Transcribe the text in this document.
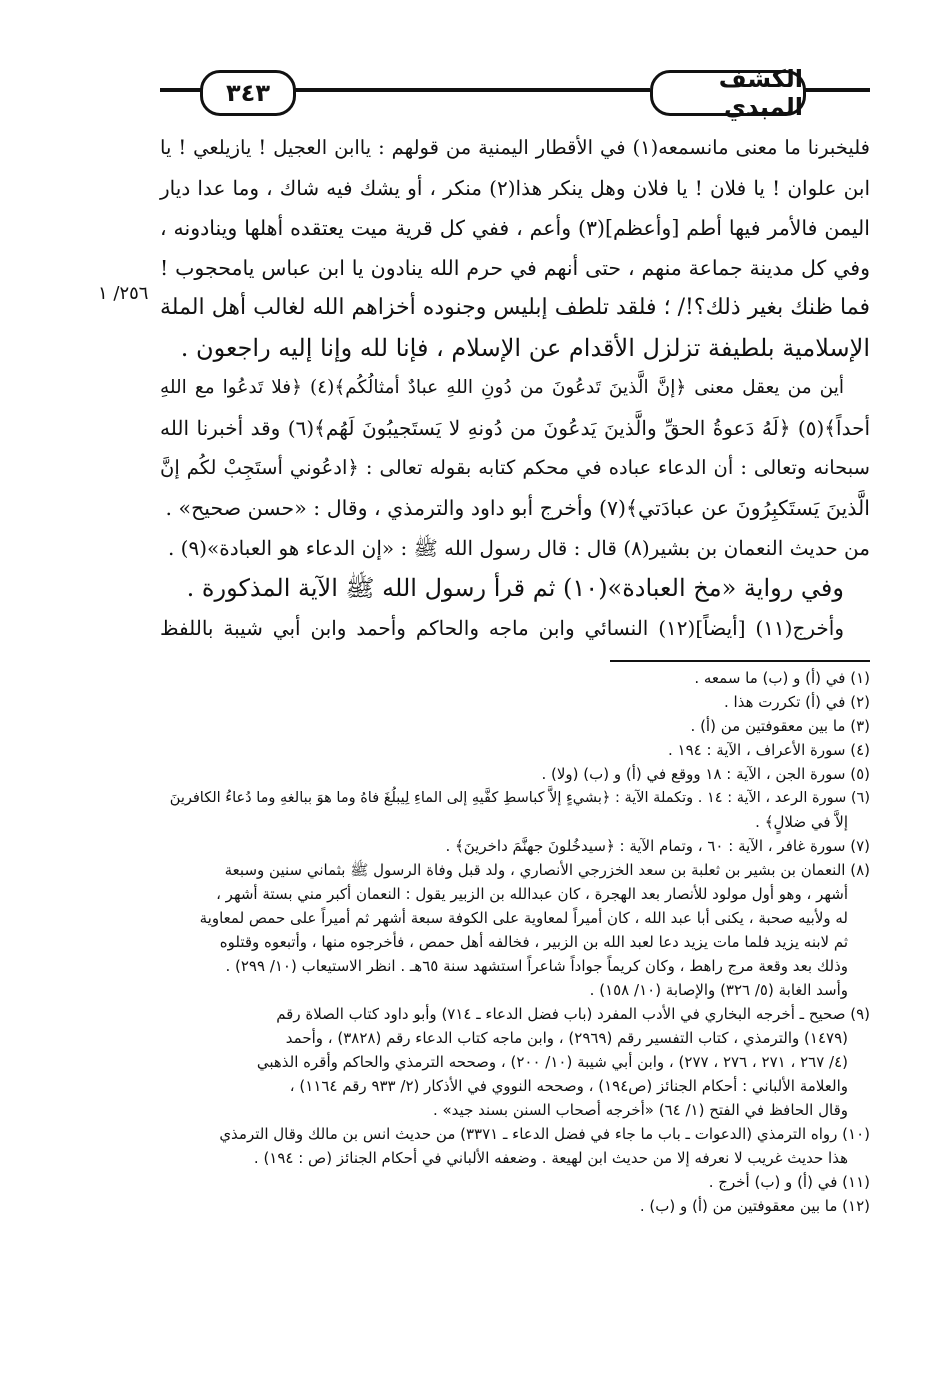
٣٤٣	الكشف المبدي
٢٥٦/ ١
فليخبرنا ما معنى مانسمعه(١) في الأقطار اليمنية من قولهم : ياابن العجيل ! يازيلعي ! يا
ابن علوان ! يا فلان ! يا فلان وهل ينكر هذا(٢) منكر ، أو يشك فيه شاك ، وما عدا ديار
اليمن فالأمر فيها أطم [وأعظم](٣) وأعم ، ففي كل قرية ميت يعتقده أهلها وينادونه ،
وفي كل مدينة جماعة منهم ، حتى أنهم في حرم الله ينادون يا ابن عباس يامحجوب !
فما ظنك بغير ذلك؟!/ ؛ فلقد تلطف إبليس وجنوده أخزاهم الله لغالب أهل الملة
الإسلامية بلطيفة تزلزل الأقدام عن الإسلام ، فإنا لله وإنا إليه راجعون .
أين من يعقل معنى ﴿إنَّ الَّذينَ تَدعُونَ من دُونِ اللهِ عبادٌ أمثالُكُم﴾(٤) ﴿فلا تَدعُوا مع اللهِ
أحداً﴾(٥) ﴿لَهُ دَعوةُ الحقِّ والَّذينَ يَدعُونَ من دُونهِ لا يَستَجيبُونَ لَهُم﴾(٦) وقد أخبرنا الله
سبحانه وتعالى : أن الدعاء عباده في محكم كتابه بقوله تعالى : ﴿ادعُوني أستَجِبْ لكُم إنَّ
الَّذينَ يَستَكبِرُونَ عن عبادَتي﴾(٧) وأخرج أبو داود والترمذي ، وقال : «حسن صحيح» .
من حديث النعمان بن بشير(٨) قال : قال رسول الله ﷺ : «إن الدعاء هو العبادة»(٩) .
وفي رواية «مخ العبادة»(١٠) ثم قرأ رسول الله ﷺ الآية المذكورة .
وأخرج(١١) [أيضاً](١٢) النسائي وابن ماجه والحاكم وأحمد وابن أبي شيبة باللفظ
(١) في (أ) و (ب) ما سمعه .
(٢) في (أ) تكررت هذا .
(٣) ما بين معقوفتين من (أ) .
(٤) سورة الأعراف ، الآية : ١٩٤ .
(٥) سورة الجن ، الآية : ١٨ ووقع في (أ) و (ب) (ولا) .
(٦) سورة الرعد ، الآية : ١٤ . وتكملة الآية : ﴿بشيءٍ إلاَّ كباسطِ كفَّيهِ إلى الماءِ لِيبلُغَ فاهُ وما هوَ ببالغهِ وما دُعاءُ الكافرينَ
إلاَّ في ضلالٍ﴾ .
(٧) سورة غافر ، الآية : ٦٠ ، وتمام الآية : ﴿سيدخُلونَ جهنَّمَ داخرينَ﴾ .
(٨) النعمان بن بشير بن ثعلبة بن سعد الخزرجي الأنصاري ، ولد قبل وفاة الرسول ﷺ بثماني سنين وسبعة
أشهر ، وهو أول مولود للأنصار بعد الهجرة ، كان عبدالله بن الزبير يقول : النعمان أكبر مني بستة أشهر ،
له ولأبيه صحبة ، يكنى أبا عبد الله ، كان أميراً لمعاوية على الكوفة سبعة أشهر ثم أميراً على حمص لمعاوية
ثم لابنه يزيد فلما مات يزيد دعا لعبد الله بن الزبير ، فخالفه أهل حمص ، فأخرجوه منها ، وأتبعوه وقتلوه
وذلك بعد وقعة مرج راهط ، وكان كريماً جواداً شاعراً استشهد سنة ٦٥هـ . انظر الاستيعاب (١٠/ ٢٩٩) .
وأسد الغابة (٥/ ٣٢٦) والإصابة (١٠/ ١٥٨) .
(٩) صحيح ـ أخرجه البخاري في الأدب المفرد (باب فضل الدعاء ـ ٧١٤) وأبو داود كتاب الصلاة رقم
(١٤٧٩) والترمذي ، كتاب التفسير رقم (٢٩٦٩) ، وابن ماجه كتاب الدعاء رقم (٣٨٢٨) ، وأحمد
(٤/ ٢٦٧ ، ٢٧١ ، ٢٧٦ ، ٢٧٧) ، وابن أبي شيبة (١٠/ ٢٠٠) ، وصححه الترمذي والحاكم وأقره الذهبي
والعلامة الألباني : أحكام الجنائز (ص١٩٤) ، وصححه النووي في الأذكار (٢/ ٩٣٣ رقم ١١٦٤) ،
وقال الحافظ في الفتح (١/ ٦٤) «أخرجه أصحاب السنن بسند جيد» .
(١٠) رواه الترمذي (الدعوات ـ باب ما جاء في فضل الدعاء ـ ٣٣٧١) من حديث انس بن مالك وقال الترمذي
هذا حديث غريب لا نعرفه إلا من حديث ابن لهيعة . وضعفه الألباني في أحكام الجنائز (ص : ١٩٤) .
(١١) في (أ) و (ب) أخرج .
(١٢) ما بين معقوفتين من (أ) و (ب) .
